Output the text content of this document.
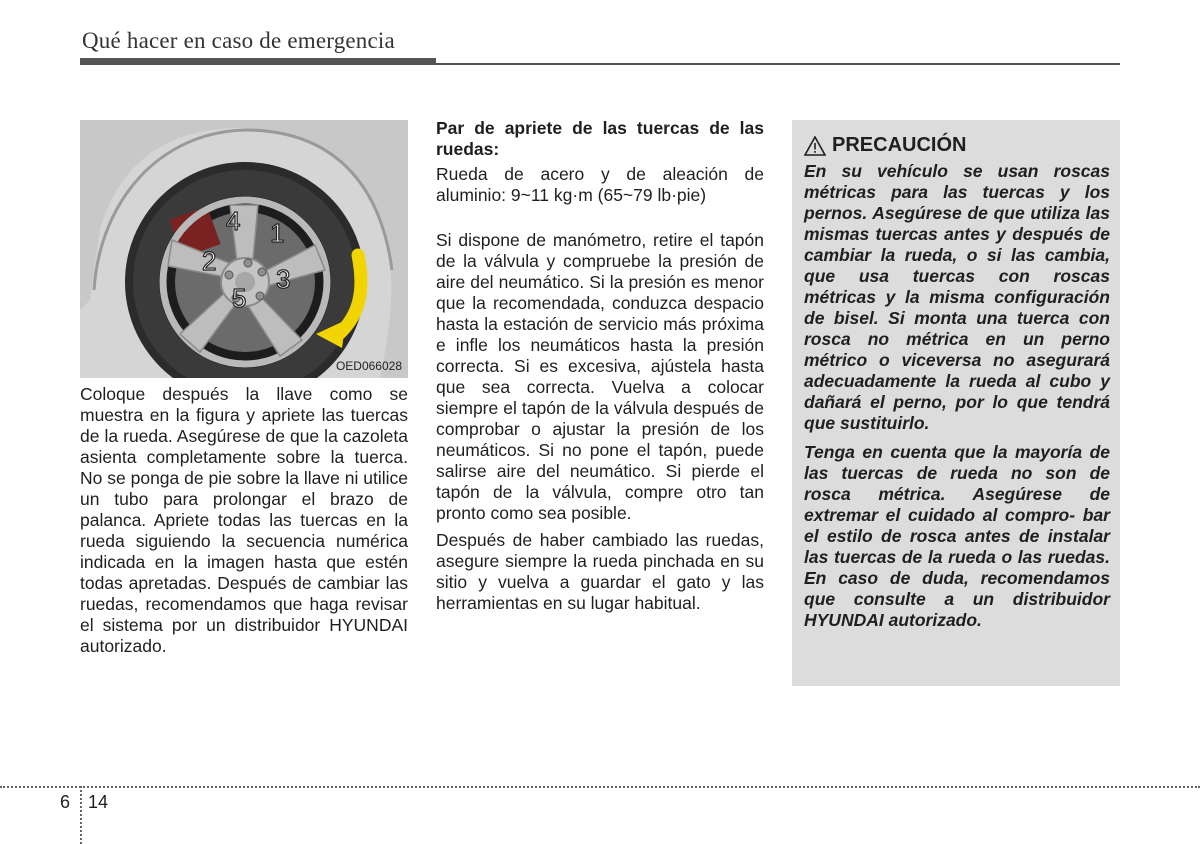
Qué hacer en caso de emergencia
1
2
3
4
5
OED066028

Coloque después la llave como se muestra en la figura y apriete las tuercas de la rueda. Asegúrese de que la cazoleta asienta completamente sobre la tuerca. No se ponga de pie sobre la llave ni utilice un tubo para prolongar el brazo de palanca. Apriete todas las tuercas en la rueda siguiendo la secuencia numérica indicada en la imagen hasta que estén todas apretadas. Después de cambiar las ruedas, recomendamos que haga revisar el sistema por un distribuidor HYUNDAI autorizado.

Par de apriete de las tuercas de las ruedas:

Rueda de acero y de aleación de aluminio: 9~11 kg·m (65~79 lb·pie)

Si dispone de manómetro, retire el tapón de la válvula y compruebe la presión de aire del neumático. Si la presión es menor que la recomendada, conduzca despacio hasta la estación de servicio más próxima e infle los neumáticos hasta la presión correcta. Si es excesiva, ajústela hasta que sea correcta. Vuelva a colocar siempre el tapón de la válvula después de comprobar o ajustar la presión de los neumáticos. Si no pone el tapón, puede salirse aire del neumático. Si pierde el tapón de la válvula, compre otro tan pronto como sea posible.

Después de haber cambiado las ruedas, asegure siempre la rueda pinchada en su sitio y vuelva a guardar el gato y las herramientas en su lugar habitual.

PRECAUCIÓN

En su vehículo se usan roscas métricas para las tuercas y los pernos. Asegúrese de que utiliza las mismas tuercas antes y después de cambiar la rueda, o si las cambia, que usa tuercas con roscas métricas y la misma configuración de bisel. Si monta una tuerca con rosca no métrica en un perno métrico o viceversa no asegurará adecuadamente la rueda al cubo y dañará el perno, por lo que tendrá que sustituirlo.

Tenga en cuenta que la mayoría de las tuercas de rueda no son de rosca métrica. Asegúrese de extremar el cuidado al compro- bar el estilo de rosca antes de instalar las tuercas de la rueda o las ruedas. En caso de duda, recomendamos que consulte a un distribuidor HYUNDAI autorizado.

6 14
